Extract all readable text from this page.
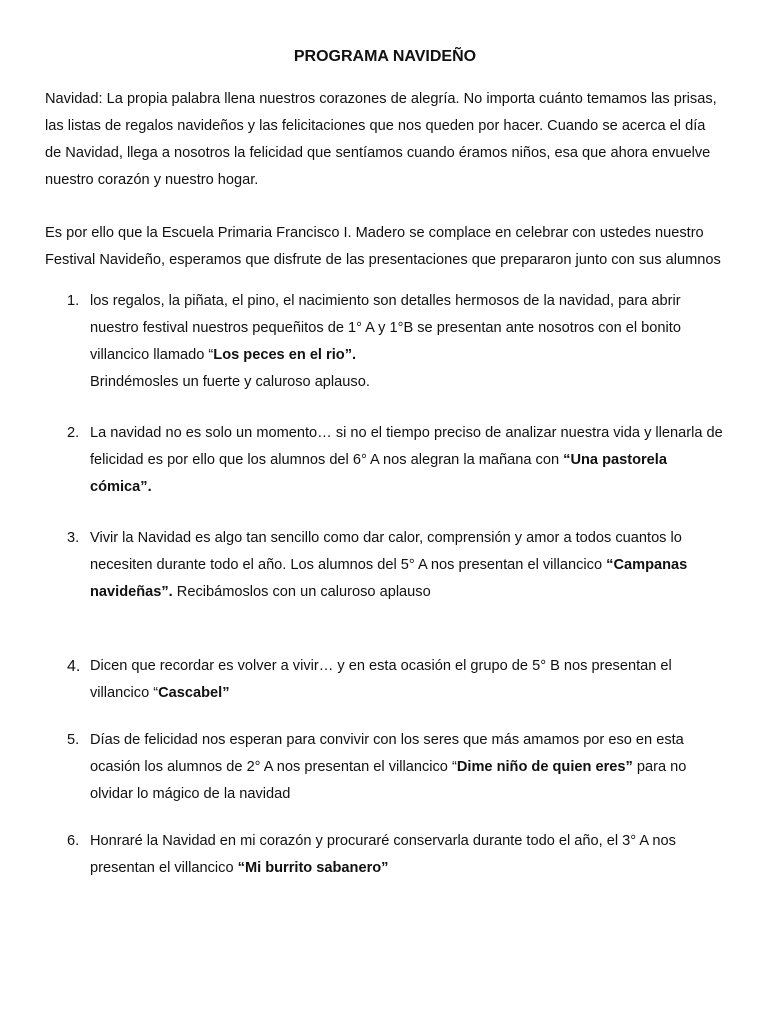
PROGRAMA NAVIDEÑO

Navidad: La propia palabra llena nuestros corazones de alegría. No importa cuánto temamos las prisas, las listas de regalos navideños y las felicitaciones que nos queden por hacer. Cuando se acerca el día de Navidad, llega a nosotros la felicidad que sentíamos cuando éramos niños, esa que ahora envuelve nuestro corazón y nuestro hogar.

Es por ello que la Escuela Primaria Francisco I. Madero se complace en celebrar con ustedes nuestro Festival Navideño, esperamos que disfrute de las presentaciones que prepararon junto con sus alumnos

1. los regalos, la piñata, el pino, el nacimiento son detalles hermosos de la navidad, para abrir nuestro festival nuestros pequeñitos de 1° A y 1°B se presentan ante nosotros con el bonito villancico llamado “Los peces en el rio”.
Brindémosles un fuerte y caluroso aplauso.
2. La navidad no es solo un momento… si no el tiempo preciso de analizar nuestra vida y llenarla de felicidad es por ello que los alumnos del 6° A nos alegran la mañana con “Una pastorela cómica”.
3. Vivir la Navidad es algo tan sencillo como dar calor, comprensión y amor a todos cuantos lo necesiten durante todo el año. Los alumnos del 5° A nos presentan el villancico “Campanas navideñas”. Recibámoslos con un caluroso aplauso
4. Dicen que recordar es volver a vivir… y en esta ocasión el grupo de 5° B nos presentan el villancico “Cascabel”
5. Días de felicidad nos esperan para convivir con los seres que más amamos por eso en esta ocasión los alumnos de 2° A nos presentan el villancico “Dime niño de quien eres” para no olvidar lo mágico de la navidad
6. Honraré la Navidad en mi corazón y procuraré conservarla durante todo el año, el 3° A nos presentan el villancico “Mi burrito sabanero”
